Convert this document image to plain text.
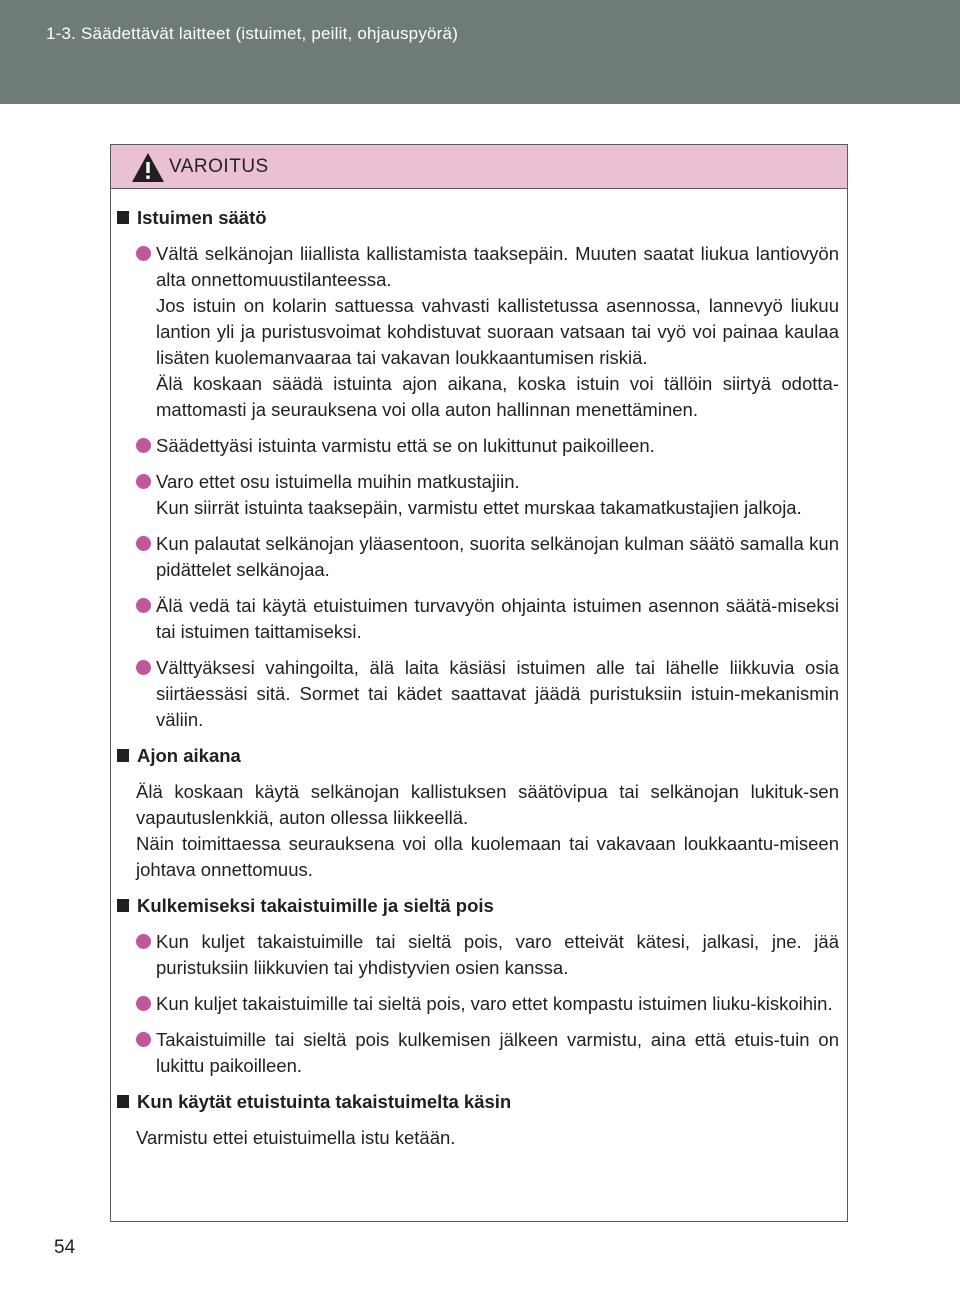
1-3. Säädettävät laitteet (istuimet, peilit, ohjauspyörä)
VAROITUS
Istuimen säätö
Vältä selkänojan liiallista kallistamista taaksepäin. Muuten saatat liukua lantiovyön alta onnettomuustilanteessa.
Jos istuin on kolarin sattuessa vahvasti kallistetussa asennossa, lannevyö liukuu lantion yli ja puristusvoimat kohdistuvat suoraan vatsaan tai vyö voi painaa kaulaa lisäten kuolemanvaaraa tai vakavan loukkaantumisen riskiä.
Älä koskaan säädä istuinta ajon aikana, koska istuin voi tällöin siirtyä odotta-mattomasti ja seurauksena voi olla auton hallinnan menettäminen.
Säädettyäsi istuinta varmistu että se on lukittunut paikoilleen.
Varo ettet osu istuimella muihin matkustajiin.
Kun siirrät istuinta taaksepäin, varmistu ettet murskaa takamatkustajien jalkoja.
Kun palautat selkänojan yläasentoon, suorita selkänojan kulman säätö samalla kun pidättelet selkänojaa.
Älä vedä tai käytä etuistuimen turvavyön ohjainta istuimen asennon säätä-miseksi tai istuimen taittamiseksi.
Välttyäksesi vahingoilta, älä laita käsiäsi istuimen alle tai lähelle liikkuvia osia siirtäessäsi sitä. Sormet tai kädet saattavat jäädä puristuksiin istuin-mekanismin väliin.
Ajon aikana
Älä koskaan käytä selkänojan kallistuksen säätövipua tai selkänojan lukituk-sen vapautuslenkkiä, auton ollessa liikkeellä.
Näin toimittaessa seurauksena voi olla kuolemaan tai vakavaan loukkaantu-miseen johtava onnettomuus.
Kulkemiseksi takaistuimille ja sieltä pois
Kun kuljet takaistuimille tai sieltä pois, varo etteivät kätesi, jalkasi, jne. jää puristuksiin liikkuvien tai yhdistyvien osien kanssa.
Kun kuljet takaistuimille tai sieltä pois, varo ettet kompastu istuimen liuku-kiskoihin.
Takaistuimille tai sieltä pois kulkemisen jälkeen varmistu, aina että etuis-tuin on lukittu paikoilleen.
Kun käytät etuistuinta takaistuimelta käsin
Varmistu ettei etuistuimella istu ketään.
54
